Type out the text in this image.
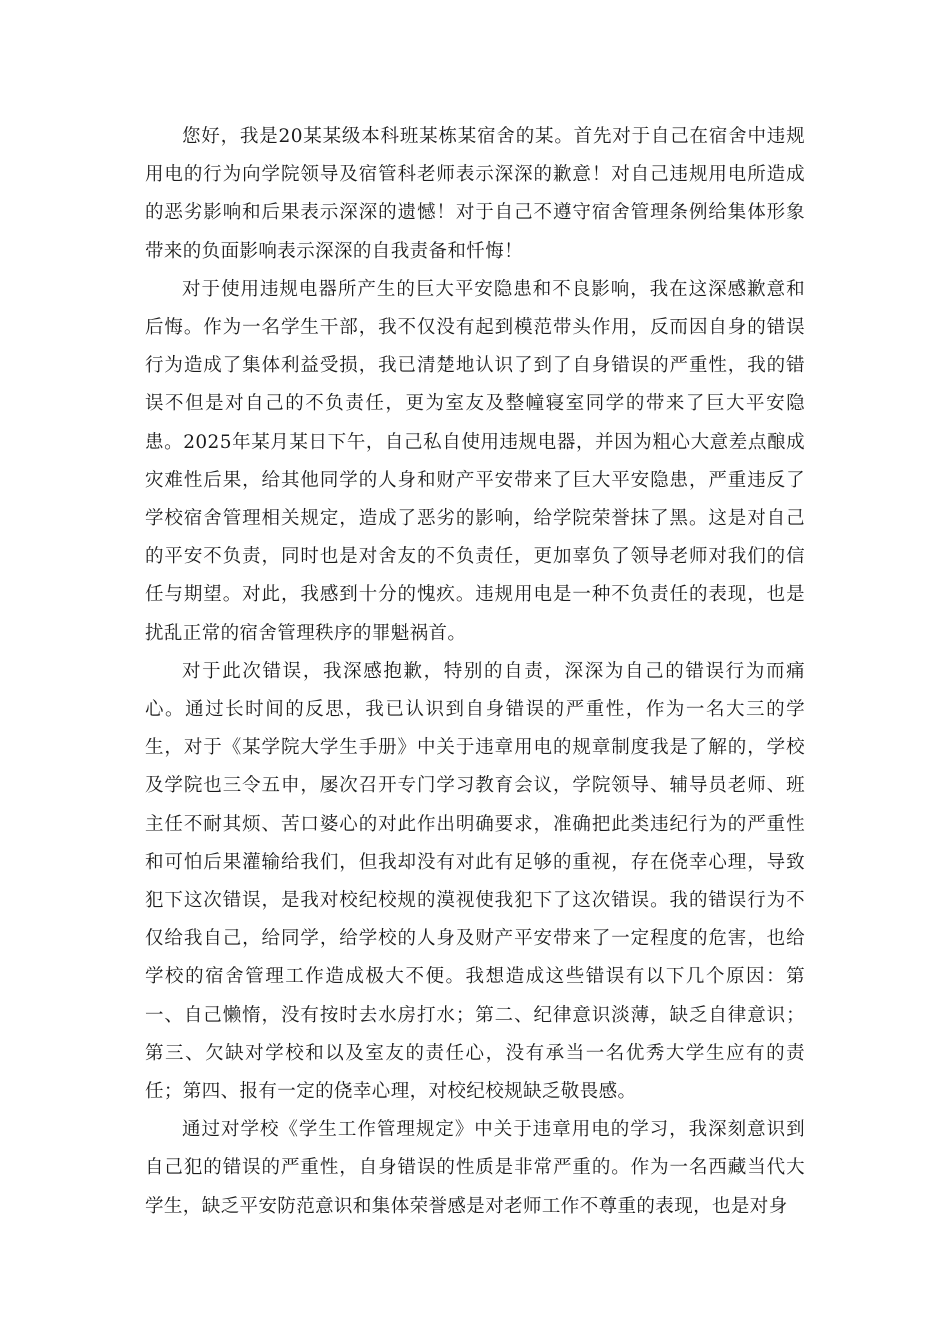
您好，我是20某某级本科班某栋某宿舍的某。首先对于自己在宿舍中违规用电的行为向学院领导及宿管科老师表示深深的歉意！对自己违规用电所造成的恶劣影响和后果表示深深的遗憾！对于自己不遵守宿舍管理条例给集体形象带来的负面影响表示深深的自我责备和忏悔！

对于使用违规电器所产生的巨大平安隐患和不良影响，我在这深感歉意和后悔。作为一名学生干部，我不仅没有起到模范带头作用，反而因自身的错误行为造成了集体利益受损，我已清楚地认识了到了自身错误的严重性，我的错误不但是对自己的不负责任，更为室友及整幢寝室同学的带来了巨大平安隐患。2025年某月某日下午，自己私自使用违规电器，并因为粗心大意差点酿成灾难性后果，给其他同学的人身和财产平安带来了巨大平安隐患，严重违反了学校宿舍管理相关规定，造成了恶劣的影响，给学院荣誉抹了黑。这是对自己的平安不负责，同时也是对舍友的不负责任，更加辜负了领导老师对我们的信任与期望。对此，我感到十分的愧疚。违规用电是一种不负责任的表现，也是扰乱正常的宿舍管理秩序的罪魁祸首。

对于此次错误，我深感抱歉，特别的自责，深深为自己的错误行为而痛心。通过长时间的反思，我已认识到自身错误的严重性，作为一名大三的学生，对于《某学院大学生手册》中关于违章用电的规章制度我是了解的，学校及学院也三令五申，屡次召开专门学习教育会议，学院领导、辅导员老师、班主任不耐其烦、苦口婆心的对此作出明确要求，准确把此类违纪行为的严重性和可怕后果灌输给我们，但我却没有对此有足够的重视，存在侥幸心理，导致犯下这次错误，是我对校纪校规的漠视使我犯下了这次错误。我的错误行为不仅给我自己，给同学，给学校的人身及财产平安带来了一定程度的危害，也给学校的宿舍管理工作造成极大不便。我想造成这些错误有以下几个原因：第一、自己懒惰，没有按时去水房打水；第二、纪律意识淡薄，缺乏自律意识；第三、欠缺对学校和以及室友的责任心，没有承当一名优秀大学生应有的责任；第四、报有一定的侥幸心理，对校纪校规缺乏敬畏感。

通过对学校《学生工作管理规定》中关于违章用电的学习，我深刻意识到自己犯的错误的严重性，自身错误的性质是非常严重的。作为一名西藏当代大学生，缺乏平安防范意识和集体荣誉感是对老师工作不尊重的表现，也是对身
